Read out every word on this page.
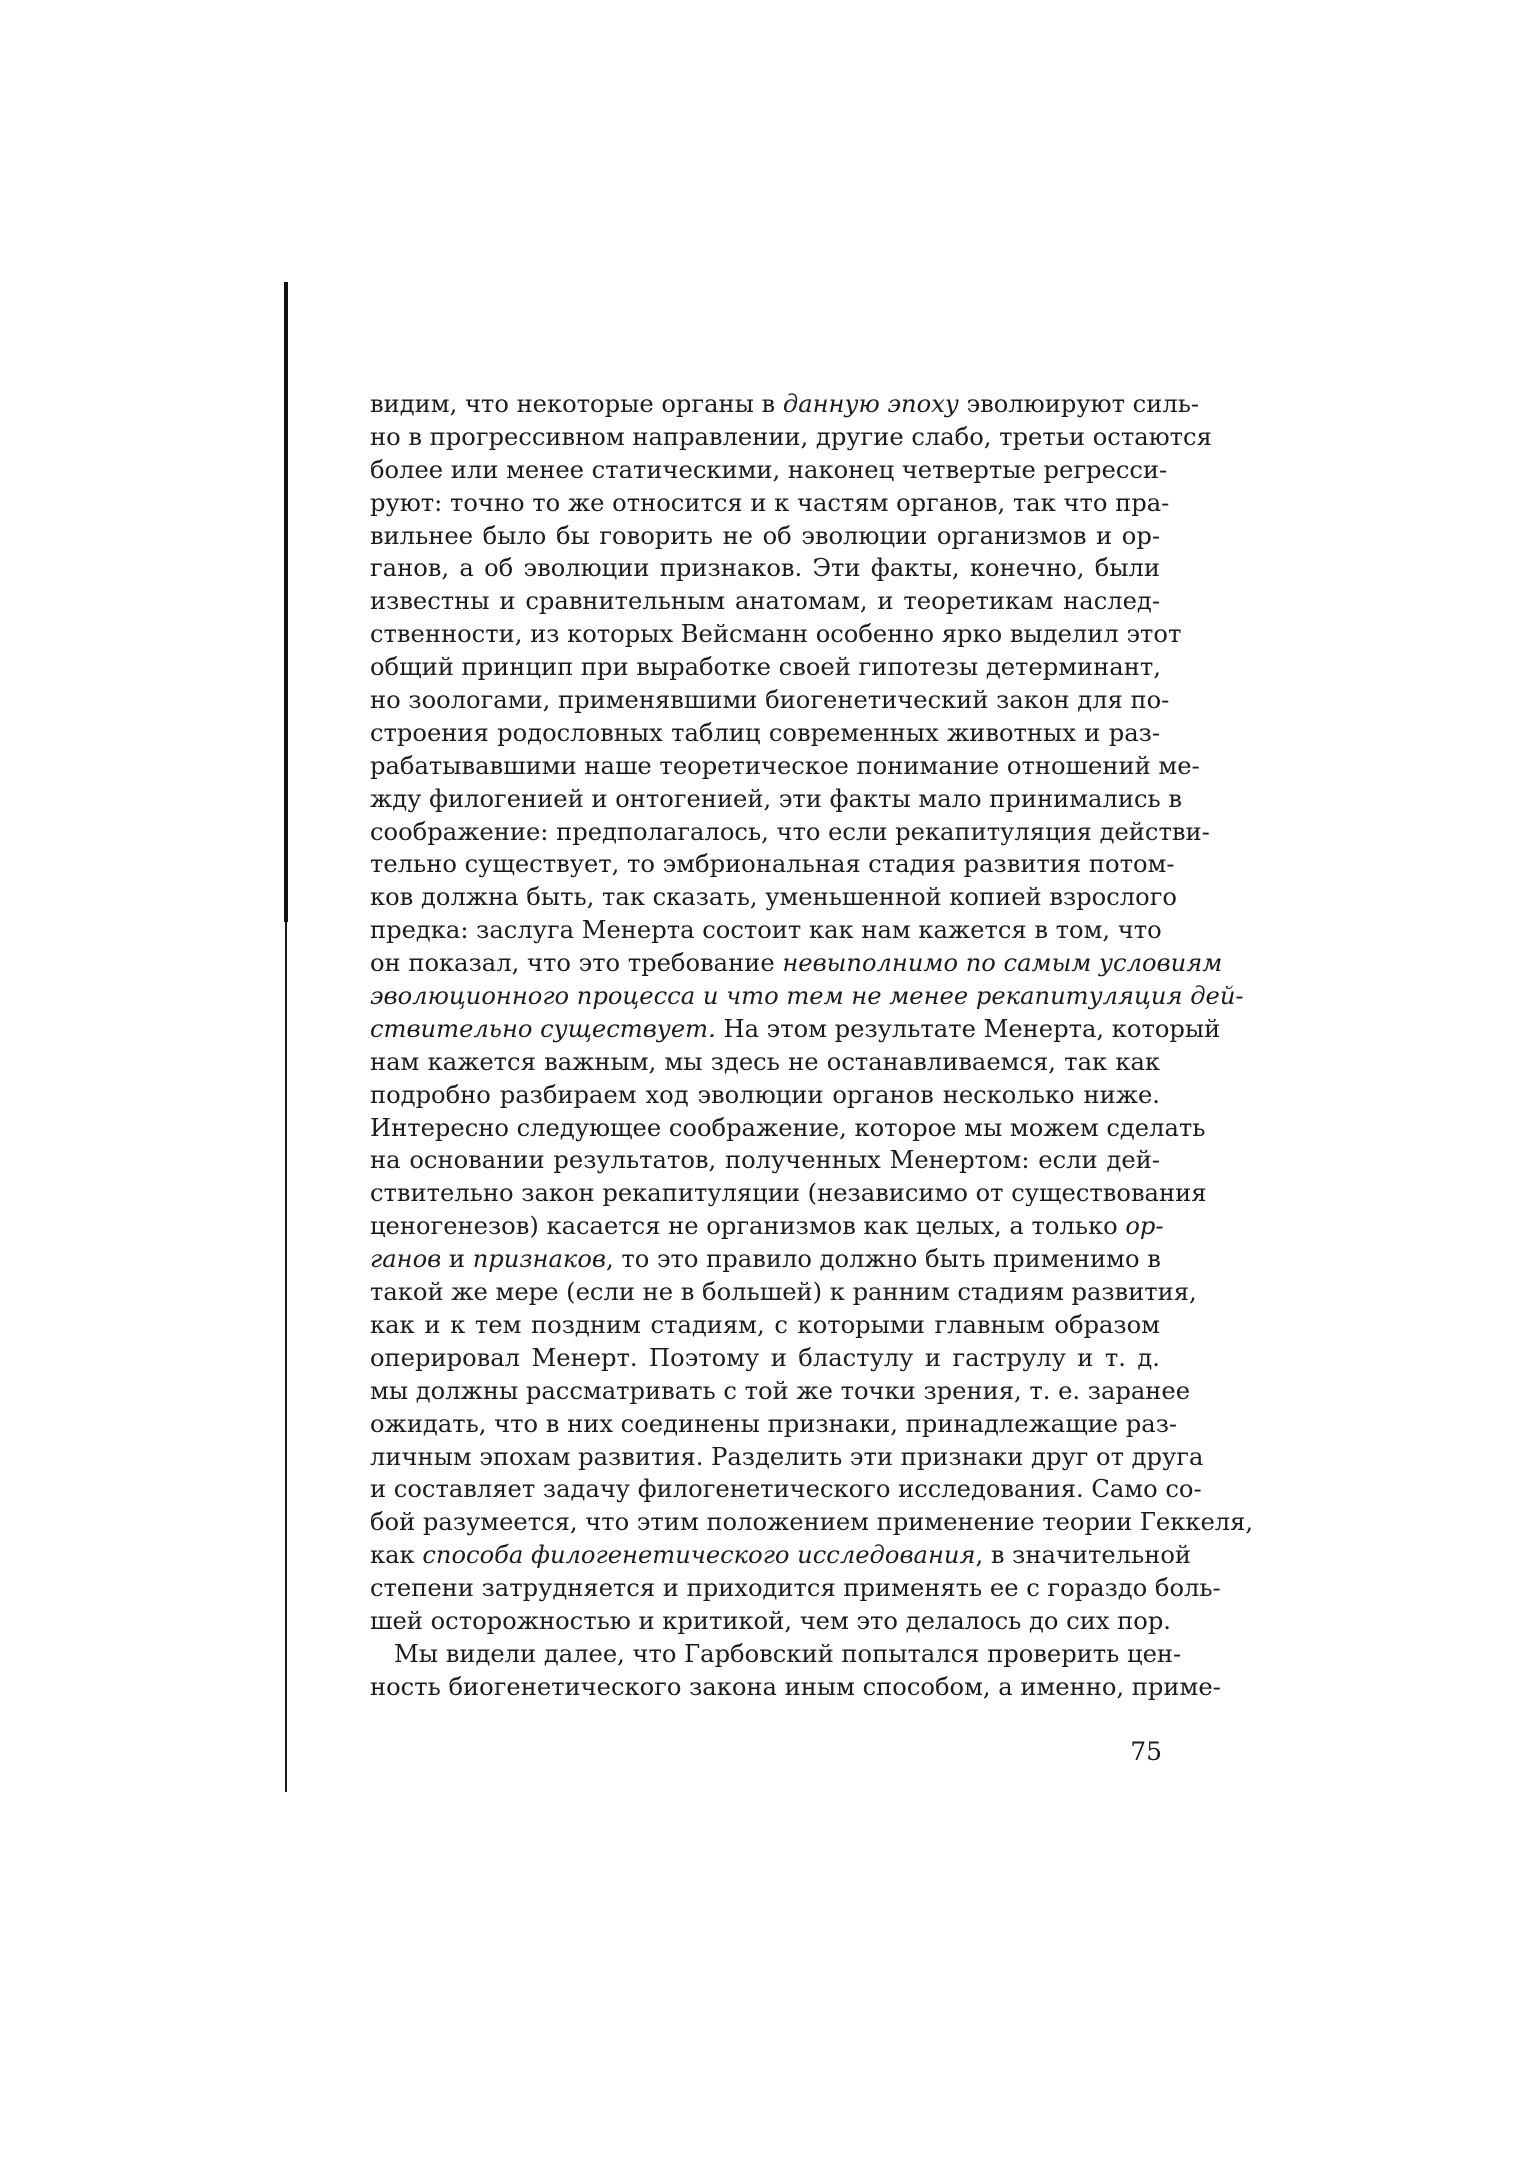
видим, что некоторые органы в данную эпоху эволюируют силь-
но в прогрессивном направлении, другие слабо, третьи остаются
более или менее статическими, наконец четвертые регресси-
руют: точно то же относится и к частям органов, так что пра-
вильнее было бы говорить не об эволюции организмов и ор-
ганов, а об эволюции признаков. Эти факты, конечно, были
известны и сравнительным анатомам, и теоретикам наслед-
ственности, из которых Вейсманн особенно ярко выделил этот
общий принцип при выработке своей гипотезы детерминант,
но зоологами, применявшими биогенетический закон для по-
строения родословных таблиц современных животных и раз-
рабатывавшими наше теоретическое понимание отношений ме-
жду филогенией и онтогенией, эти факты мало принимались в
соображение: предполагалось, что если рекапитуляция действи-
тельно существует, то эмбриональная стадия развития потом-
ков должна быть, так сказать, уменьшенной копией взрослого
предка: заслуга Менерта состоит как нам кажется в том, что
он показал, что это требование невыполнимо по самым условиям
эволюционного процесса и что тем не менее рекапитуляция дей-
ствительно существует. На этом результате Менерта, который
нам кажется важным, мы здесь не останавливаемся, так как
подробно разбираем ход эволюции органов несколько ниже.
Интересно следующее соображение, которое мы можем сделать
на основании результатов, полученных Менертом: если дей-
ствительно закон рекапитуляции (независимо от существования
ценогенезов) касается не организмов как целых, а только ор-
ганов и признаков, то это правило должно быть применимо в
такой же мере (если не в большей) к ранним стадиям развития,
как и к тем поздним стадиям, с которыми главным образом
оперировал Менерт. Поэтому и бластулу и гаструлу и т. д.
мы должны рассматривать с той же точки зрения, т. е. заранее
ожидать, что в них соединены признаки, принадлежащие раз-
личным эпохам развития. Разделить эти признаки друг от друга
и составляет задачу филогенетического исследования. Само со-
бой разумеется, что этим положением применение теории Геккеля,
как способа филогенетического исследования, в значительной
степени затрудняется и приходится применять ее с гораздо боль-
шей осторожностью и критикой, чем это делалось до сих пор.
Мы видели далее, что Гарбовский попытался проверить цен-
ность биогенетического закона иным способом, а именно, приме-
75
